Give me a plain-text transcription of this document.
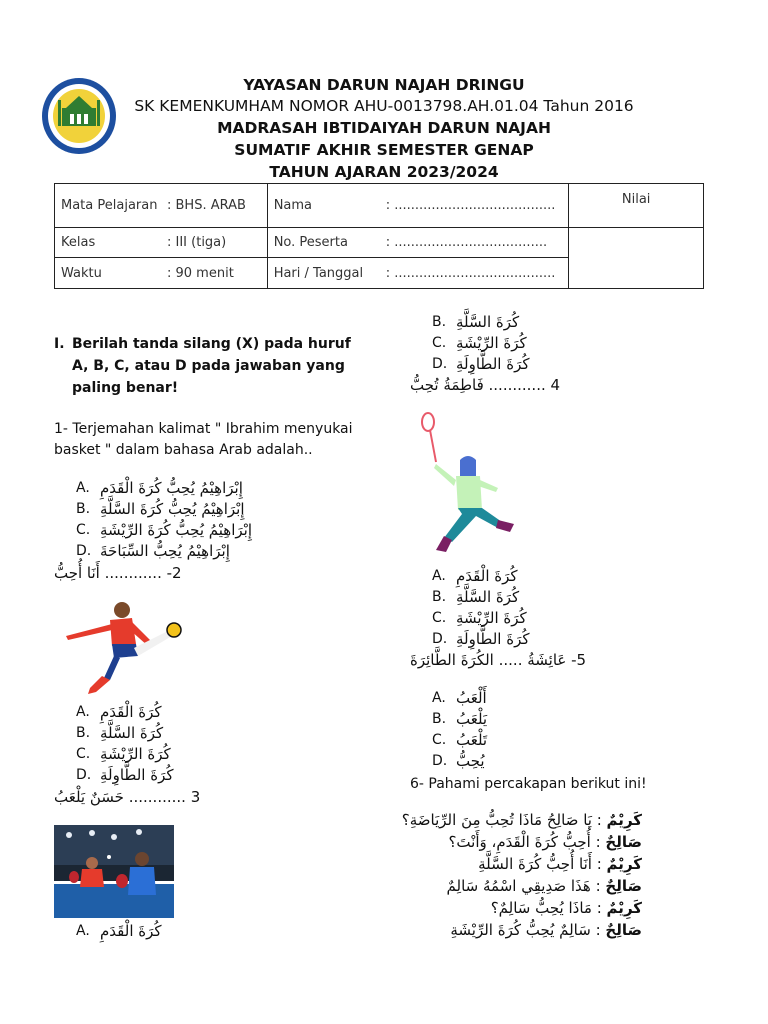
YAYASAN DARUN NAJAH DRINGU
SK KEMENKUMHAM NOMOR AHU-0013798.AH.01.04 Tahun 2016
MADRASAH IBTIDAIYAH DARUN NAJAH
SUMATIF AKHIR SEMESTER GENAP
TAHUN AJARAN 2023/2024
Mata Pelajaran : BHS. ARAB	Nama : .......................................	Nilai
Kelas : III (tiga)	No. Peserta : .....................................	
Waktu : 90 menit	Hari / Tanggal : .......................................	
I. Berilah tanda silang (X) pada huruf A, B, C, atau D pada jawaban yang paling benar!
1- Terjemahan kalimat " Ibrahim menyukai basket " dalam bahasa Arab adalah..
A. إِبْرَاهِيْمُ يُحِبُّ كُرَةَ الْقَدَمِ
B. إِبْرَاهِيْمُ يُحِبُّ كُرَةَ السَّلَّةِ
C. إِبْرَاهِيْمُ يُحِبُّ كُرَةَ الرِّيْشَةِ
D. إِبْرَاهِيْمُ يُحِبُّ السِّبَاحَةَ
2- ............ أَنَا أُحِبُّ
A. كُرَةَ الْقَدَمِ
B. كُرَةَ السَّلَّةِ
C. كُرَةَ الرِّيْشَةِ
D. كُرَةَ الطَّاوِلَةِ
3 ............ حَسَنٌ يَلْعَبُ
A. كُرَةَ الْقَدَمِ
B. كُرَةَ السَّلَّةِ
C. كُرَةَ الرِّيْشَةِ
D. كُرَةَ الطَّاوِلَةِ
4 ............ فَاطِمَةُ تُحِبُّ
A. كُرَةَ الْقَدَمِ
B. كُرَةَ السَّلَّةِ
C. كُرَةَ الرِّيْشَةِ
D. كُرَةَ الطَّاوِلَةِ
5- عَائِشَةُ ..... الكُرَةَ الطَّائِرَةَ
A. أَلْعَبُ
B. يَلْعَبُ
C. تَلْعَبُ
D. يُحِبُّ
6- Pahami percakapan berikut ini!
كَرِيْمٌ : يَا صَالِحُ مَاذَا تُحِبُّ مِنَ الرِّيَاضَةِ؟
صَالِحٌ : أُحِبُّ كُرَةَ الْقَدَمِ، وَأَنْتَ؟
كَرِيْمٌ : أَنَا أُحِبُّ كُرَةَ السَّلَّةِ
صَالِحٌ : هَذَا صَدِيقِي اسْمُهُ سَالِمٌ
كَرِيْمٌ : مَاذَا يُحِبُّ سَالِمٌ؟
صَالِحٌ : سَالِمٌ يُحِبُّ كُرَةَ الرِّيْشَةِ
